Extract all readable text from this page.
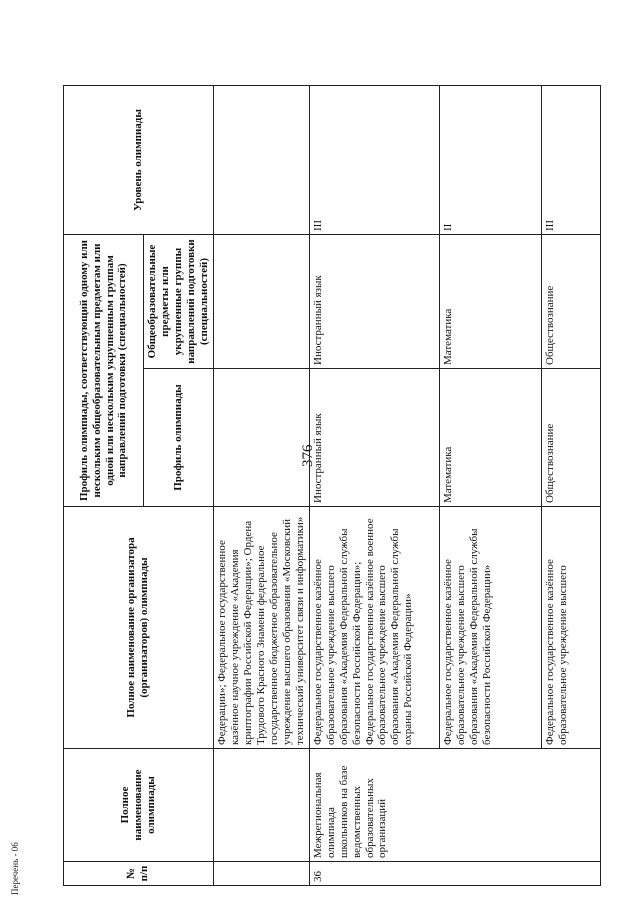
376
Перечень - 06	№ п/п	Полное наименование олимпиады	Полное наименование организатора (организаторов) олимпиады	Профиль олимпиады, соответствующий одному или нескольким общеобразовательным предметам или одной или нескольким укрупненным группам направлений подготовки (специальностей)		Уровень олимпиады
			Профиль олимпиады	Общеобразовательные предметы или укрупненные группы направлений подготовки (специальностей)	
		Федерации»; Федеральное государственное казённое научное учреждение «Академия криптографии Российской Федерации»; Ордена Трудового Красного Знамени федеральное государственное бюджетное образовательное учреждение высшего образования «Московский технический университет связи и информатики»			
36	Межрегиональная олимпиада школьников на базе ведомственных образовательных организаций	Федеральное государственное казённое образовательное учреждение высшего образования «Академия Федеральной службы безопасности Российской Федерации»; Федеральное государственное казённое военное образовательное учреждение высшего образования «Академия Федеральной службы охраны Российской Федерации»	Иностранный язык	Иностранный язык	III
		Федеральное государственное казённое образовательное учреждение высшего образования «Академия Федеральной службы безопасности Российской Федерации»	Математика	Математика	II
		Федеральное государственное казённое образовательное учреждение высшего	Обществознание	Обществознание	III
